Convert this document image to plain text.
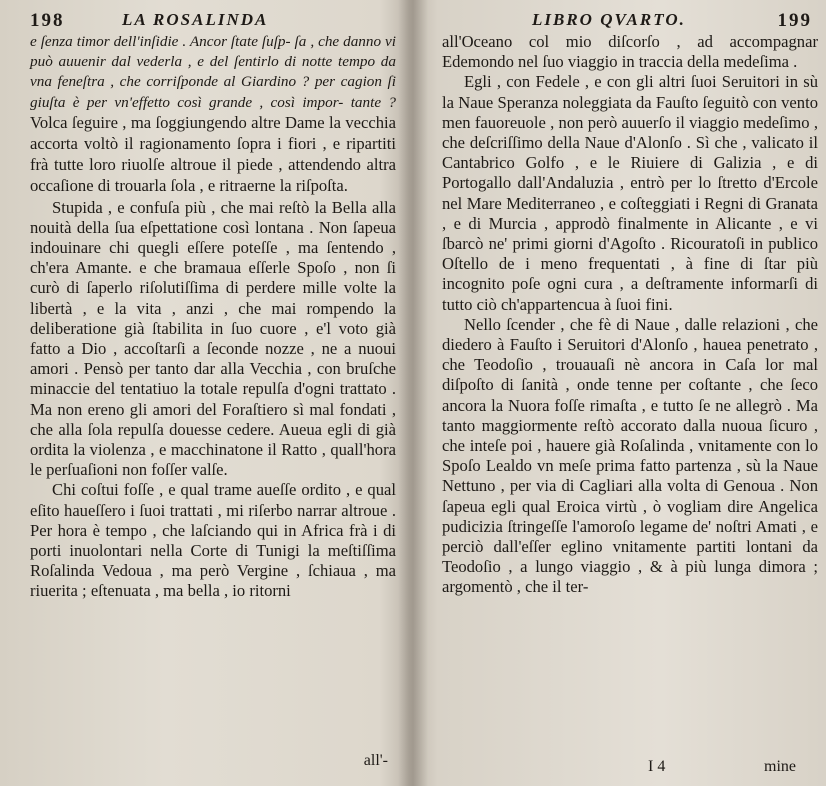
198	LA ROSALINDA

e ſenza timor dell'inſidie . Ancor ſtate ſuſp- ſa , che danno vi può auuenir dal vederla , e del ſentirlo di notte tempo da vna feneſtra , che corriſponde al Giardino ? per cagion ſi giuſta è per vn'effetto così grande , così impor- tante ? Volca ſeguire , ma ſoggiungendo altre Dame la vecchia accorta voltò il ragionamento ſopra i fiori , e ripartiti frà tutte loro riuolſe altroue il piede , attendendo altra occaſione di trouarla ſola , e ritraerne la riſpoſta.

Stupida , e confuſa più , che mai reſtò la Bella alla nouità della ſua eſpettatione così lontana . Non ſapeua indouinare chi quegli eſſere poteſſe , ma ſentendo , ch'era Amante. e che bramaua eſſerle Spoſo , non ſi curò di ſaperlo riſolutiſſima di perdere mille volte la libertà , e la vita , anzi , che mai rompendo la deliberatione già ſtabilita in ſuo cuore , e'l voto già fatto a Dio , accoſtarſi a ſeconde nozze , ne a nuoui amori . Pensò per tanto dar alla Vecchia , con bruſche minaccie del tentatiuo la totale repulſa d'ogni trattato . Ma non ereno gli amori del Foraſtiero sì mal fondati , che alla ſola repulſa douesse cedere. Aueua egli di già ordita la violenza , e macchinatone il Ratto , quall'hora le perſuaſioni non foſſer valſe.

Chi coſtui foſſe , e qual trame aueſſe ordito , e qual eſito haueſſero i ſuoi trattati , mi riſerbo narrar altroue . Per hora è tempo , che laſciando qui in Africa frà i di porti inuolontari nella Corte di Tunigi la meſtiſſima Roſalinda Vedoua , ma però Vergine , ſchiaua , ma riuerita ; eſtenuata , ma bella , io ritorni

all'-
LIBRO QVARTO.	199

all'Oceano col mio diſcorſo , ad accompagnar Edemondo nel ſuo viaggio in traccia della medeſima .

Egli , con Fedele , e con gli altri ſuoi Seruitori in sù la Naue Speranza noleggiata da Fauſto ſeguitò con vento men fauoreuole , non però auuerſo il viaggio medeſimo , che deſcriſſimo della Naue d'Alonſo . Sì che , valicato il Cantabrico Golfo , e le Riuiere di Galizia , e di Portogallo dall'Andaluzia , entrò per lo ſtretto d'Ercole nel Mare Mediterraneo , e coſteggiati i Regni di Granata , e di Murcia , approdò finalmente in Alicante , e vi ſbarcò ne' primi giorni d'Agoſto . Ricouratoſi in publico Oſtello de i meno frequentati , à fine di ſtar più incognito poſe ogni cura , a deſtramente informarſi di tutto ciò ch'appartencua à ſuoi fini.

Nello ſcender , che fè di Naue , dalle relazioni , che diedero à Fauſto i Seruitori d'Alonſo , hauea penetrato , che Teodoſio , trouauaſi nè ancora in Caſa lor mal diſpoſto di ſanità , onde tenne per coſtante , che ſeco ancora la Nuora foſſe rimaſta , e tutto ſe ne allegrò . Ma tanto maggiormente reſtò accorato dalla nuoua ſicuro , che inteſe poi , hauere già Roſalinda , vnitamente con lo Spoſo Lealdo vn meſe prima fatto partenza , sù la Naue Nettuno , per via di Cagliari alla volta di Genoua . Non ſapeua egli qual Eroica virtù , ò vogliam dire Angelica pudicizia ſtringeſſe l'amoroſo legame de' noſtri Amati , e perciò dall'eſſer eglino vnitamente partiti lontani da Teodoſio , a lungo viaggio , & à più lunga dimora ; argomentò , che il ter-

I 4	mine
